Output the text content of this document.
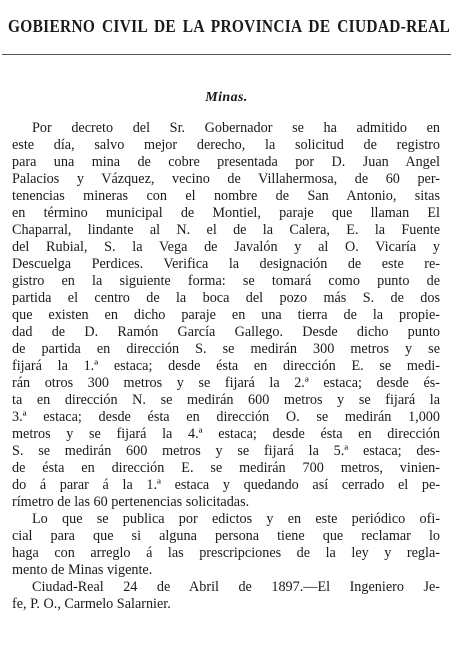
GOBIERNO CIVIL DE LA PROVINCIA DE CIUDAD-REAL
Minas.
Por decreto del Sr. Gobernador se ha admitido en
este día, salvo mejor derecho, la solicitud de registro
para una mina de cobre presentada por D. Juan Angel
Palacios y Vázquez, vecino de Villahermosa, de 60 per-
tenencias mineras con el nombre de San Antonio, sitas
en término municipal de Montiel, paraje que llaman El
Chaparral, lindante al N. el de la Calera, E. la Fuente
del Rubial, S. la Vega de Javalón y al O. Vicaría y
Descuelga Perdices. Verifica la designación de este re-
gistro en la siguiente forma: se tomará como punto de
partida el centro de la boca del pozo más S. de dos
que existen en dicho paraje en una tierra de la propie-
dad de D. Ramón García Gallego. Desde dicho punto
de partida en dirección S. se medirán 300 metros y se
fijará la 1.ª estaca; desde ésta en dirección E. se medi-
rán otros 300 metros y se fijará la 2.ª estaca; desde és-
ta en dirección N. se medirán 600 metros y se fijará la
3.ª estaca; desde ésta en dirección O. se medirán 1,000
metros y se fijará la 4.ª estaca; desde ésta en dirección
S. se medirán 600 metros y se fijará la 5.ª estaca; des-
de ésta en dirección E. se medirán 700 metros, vinien-
do á parar á la 1.ª estaca y quedando así cerrado el pe-
rímetro de las 60 pertenencias solicitadas.
Lo que se publica por edictos y en este periódico ofi-
cial para que si alguna persona tiene que reclamar lo
haga con arreglo á las prescripciones de la ley y regla-
mento de Minas vigente.
Ciudad-Real 24 de Abril de 1897.—El Ingeniero Je-
fe, P. O., Carmelo Salarnier.
